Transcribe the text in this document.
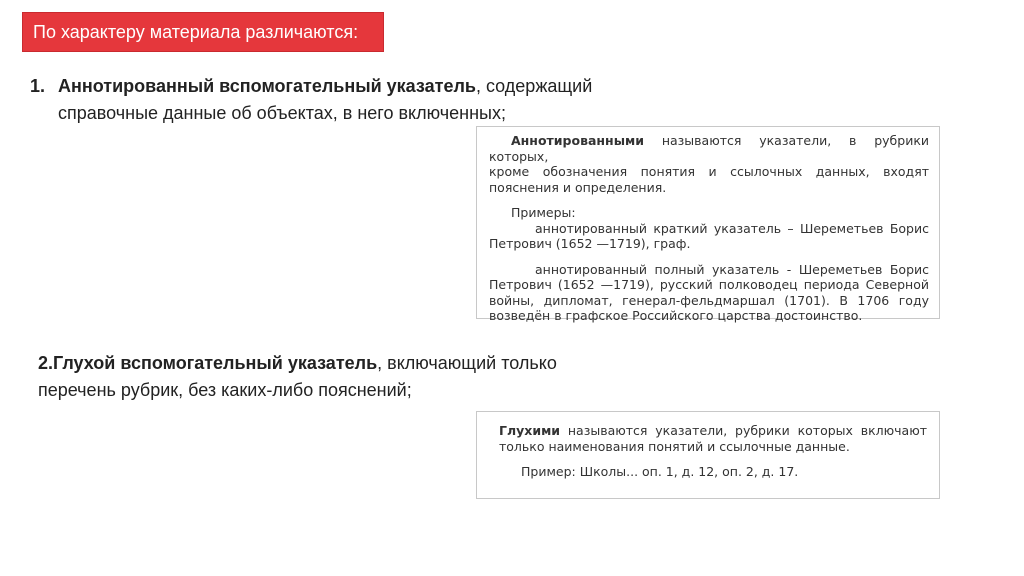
По характеру материала различаются:
1. Аннотированный вспомогательный указатель, содержащий
справочные данные об объектах, в него включенных;
Аннотированными называются указатели, в рубрики которых,
кроме обозначения понятия и ссылочных данных, входят
пояснения и определения.
Примеры:
аннотированный краткий указатель – Шереметьев Борис
Петрович (1652 —1719), граф.
аннотированный полный указатель - Шереметьев Борис
Петрович (1652 —1719), русский полководец периода Северной
войны, дипломат, генерал-фельдмаршал (1701). В 1706 году
возведён в графское Российского царства достоинство.
2.Глухой вспомогательный указатель, включающий только
перечень рубрик, без каких-либо пояснений;
Глухими называются указатели, рубрики которых включают
только наименования понятий и ссылочные данные.
Пример: Школы... оп. 1, д. 12, оп. 2, д. 17.
